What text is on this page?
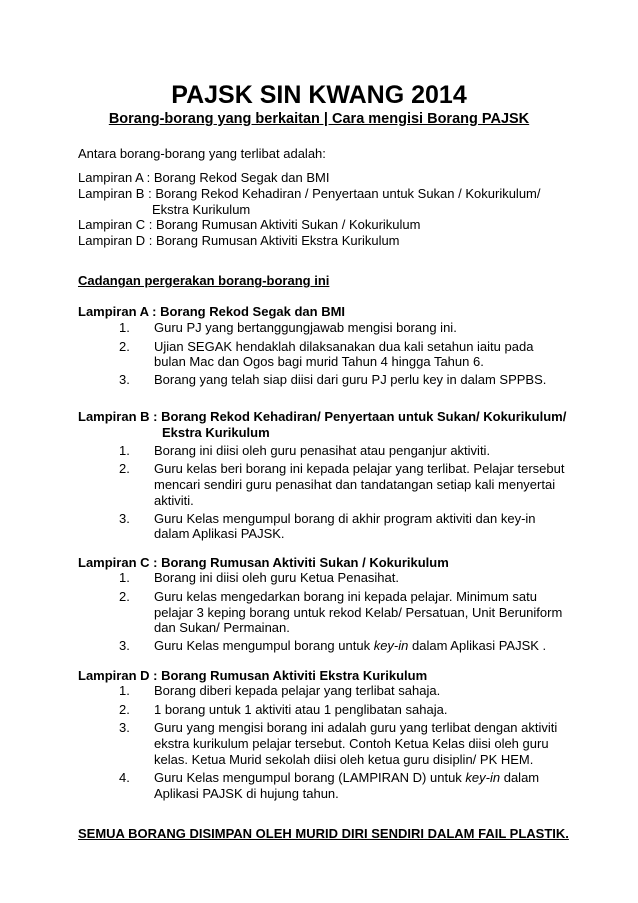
PAJSK SIN KWANG 2014
Borang-borang yang berkaitan | Cara mengisi Borang PAJSK
Antara borang-borang yang terlibat adalah:
Lampiran A : Borang Rekod Segak dan BMI
Lampiran B : Borang Rekod Kehadiran / Penyertaan untuk Sukan / Kokurikulum/
Ekstra Kurikulum
Lampiran C : Borang Rumusan Aktiviti Sukan / Kokurikulum
Lampiran D : Borang Rumusan Aktiviti Ekstra Kurikulum
Cadangan pergerakan borang-borang ini
Lampiran A : Borang Rekod Segak dan BMI
1.	Guru PJ yang bertanggungjawab mengisi borang ini.
2.	Ujian SEGAK hendaklah dilaksanakan dua kali setahun iaitu pada
bulan Mac dan Ogos bagi murid Tahun 4 hingga Tahun 6.
3.	Borang yang telah siap diisi dari guru PJ perlu key in dalam SPPBS.
Lampiran B : Borang Rekod Kehadiran/ Penyertaan untuk Sukan/ Kokurikulum/
Ekstra Kurikulum
1.	Borang ini diisi oleh guru penasihat atau penganjur aktiviti.
2.	Guru kelas beri borang ini kepada pelajar yang terlibat. Pelajar tersebut
mencari sendiri guru penasihat dan tandatangan setiap kali menyertai
aktiviti.
3.	Guru Kelas mengumpul borang di akhir program aktiviti dan key-in
dalam Aplikasi PAJSK.
Lampiran C : Borang Rumusan Aktiviti Sukan / Kokurikulum
1.	Borang ini diisi oleh guru Ketua Penasihat.
2.	Guru kelas mengedarkan borang ini kepada pelajar. Minimum satu
pelajar 3 keping borang untuk rekod Kelab/ Persatuan, Unit Beruniform
dan Sukan/ Permainan.
3.	Guru Kelas mengumpul borang untuk key-in dalam Aplikasi PAJSK .
Lampiran D : Borang Rumusan Aktiviti Ekstra Kurikulum
1.	Borang diberi kepada pelajar yang terlibat sahaja.
2.	1 borang untuk 1 aktiviti atau 1 penglibatan sahaja.
3.	Guru yang mengisi borang ini adalah guru yang terlibat dengan aktiviti
ekstra kurikulum pelajar tersebut. Contoh Ketua Kelas diisi oleh guru
kelas. Ketua Murid sekolah diisi oleh ketua guru disiplin/ PK HEM.
4.	Guru Kelas mengumpul borang (LAMPIRAN D) untuk key-in dalam
Aplikasi PAJSK di hujung tahun.
SEMUA BORANG DISIMPAN OLEH MURID DIRI SENDIRI DALAM FAIL PLASTIK.
